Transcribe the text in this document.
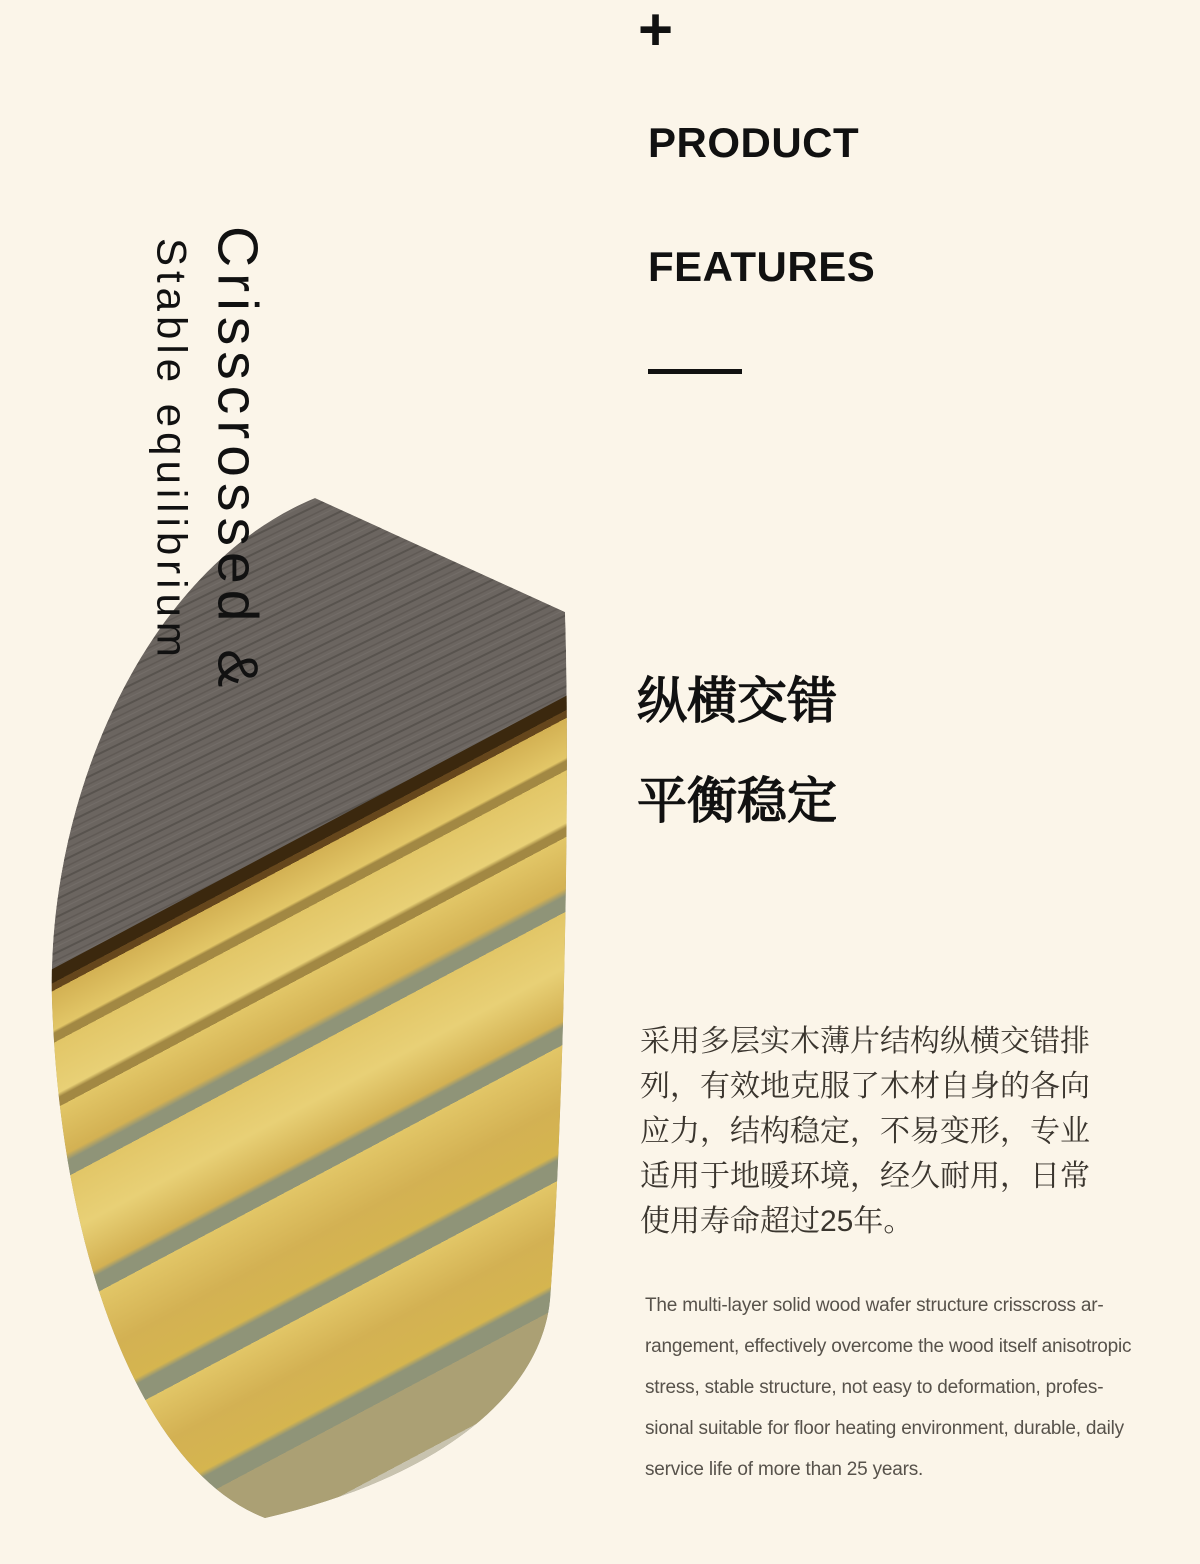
Crisscrossed &
Stable equilibrium
+
PRODUCT
FEATURES
纵横交错
平衡稳定

采用多层实木薄片结构纵横交错排
列，有效地克服了木材自身的各向
应力，结构稳定，不易变形，专业
适用于地暖环境，经久耐用，日常
使用寿命超过25年。

The multi-layer solid wood wafer structure crisscross ar-
rangement, effectively overcome the wood itself anisotropic
stress, stable structure, not easy to deformation, profes-
sional suitable for floor heating environment, durable, daily
service life of more than 25 years.
